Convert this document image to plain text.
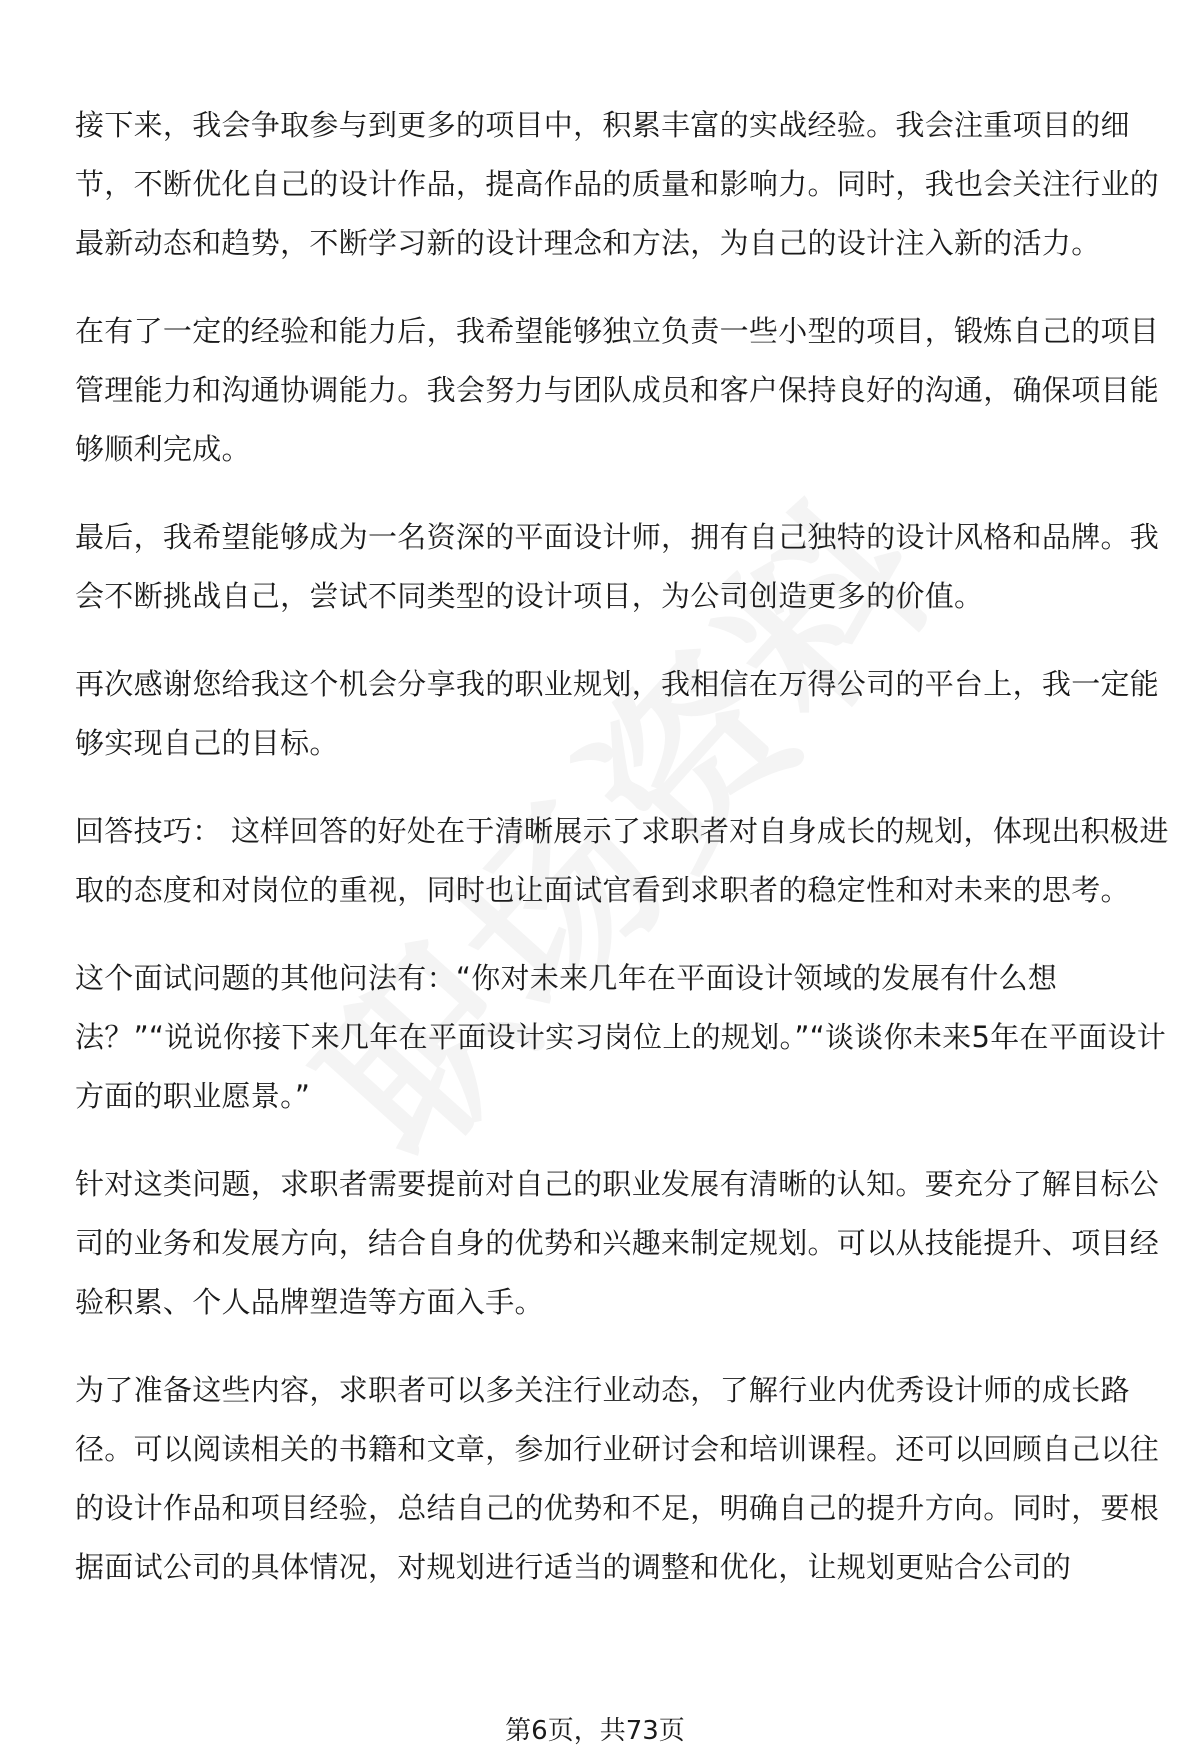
接下来，我会争取参与到更多的项目中，积累丰富的实战经验。我会注重项目的细节，不断优化自己的设计作品，提高作品的质量和影响力。同时，我也会关注行业的最新动态和趋势，不断学习新的设计理念和方法，为自己的设计注入新的活力。

在有了一定的经验和能力后，我希望能够独立负责一些小型的项目，锻炼自己的项目管理能力和沟通协调能力。我会努力与团队成员和客户保持良好的沟通，确保项目能够顺利完成。

最后，我希望能够成为一名资深的平面设计师，拥有自己独特的设计风格和品牌。我会不断挑战自己，尝试不同类型的设计项目，为公司创造更多的价值。

再次感谢您给我这个机会分享我的职业规划，我相信在万得公司的平台上，我一定能够实现自己的目标。

回答技巧： 这样回答的好处在于清晰展示了求职者对自身成长的规划，体现出积极进取的态度和对岗位的重视，同时也让面试官看到求职者的稳定性和对未来的思考。

这个面试问题的其他问法有：“你对未来几年在平面设计领域的发展有什么想法？”“说说你接下来几年在平面设计实习岗位上的规划。”“谈谈你未来5年在平面设计方面的职业愿景。”

针对这类问题，求职者需要提前对自己的职业发展有清晰的认知。要充分了解目标公司的业务和发展方向，结合自身的优势和兴趣来制定规划。可以从技能提升、项目经验积累、个人品牌塑造等方面入手。

为了准备这些内容，求职者可以多关注行业动态，了解行业内优秀设计师的成长路径。可以阅读相关的书籍和文章，参加行业研讨会和培训课程。还可以回顾自己以往的设计作品和项目经验，总结自己的优势和不足，明确自己的提升方向。同时，要根据面试公司的具体情况，对规划进行适当的调整和优化，让规划更贴合公司的

第6页，共73页
